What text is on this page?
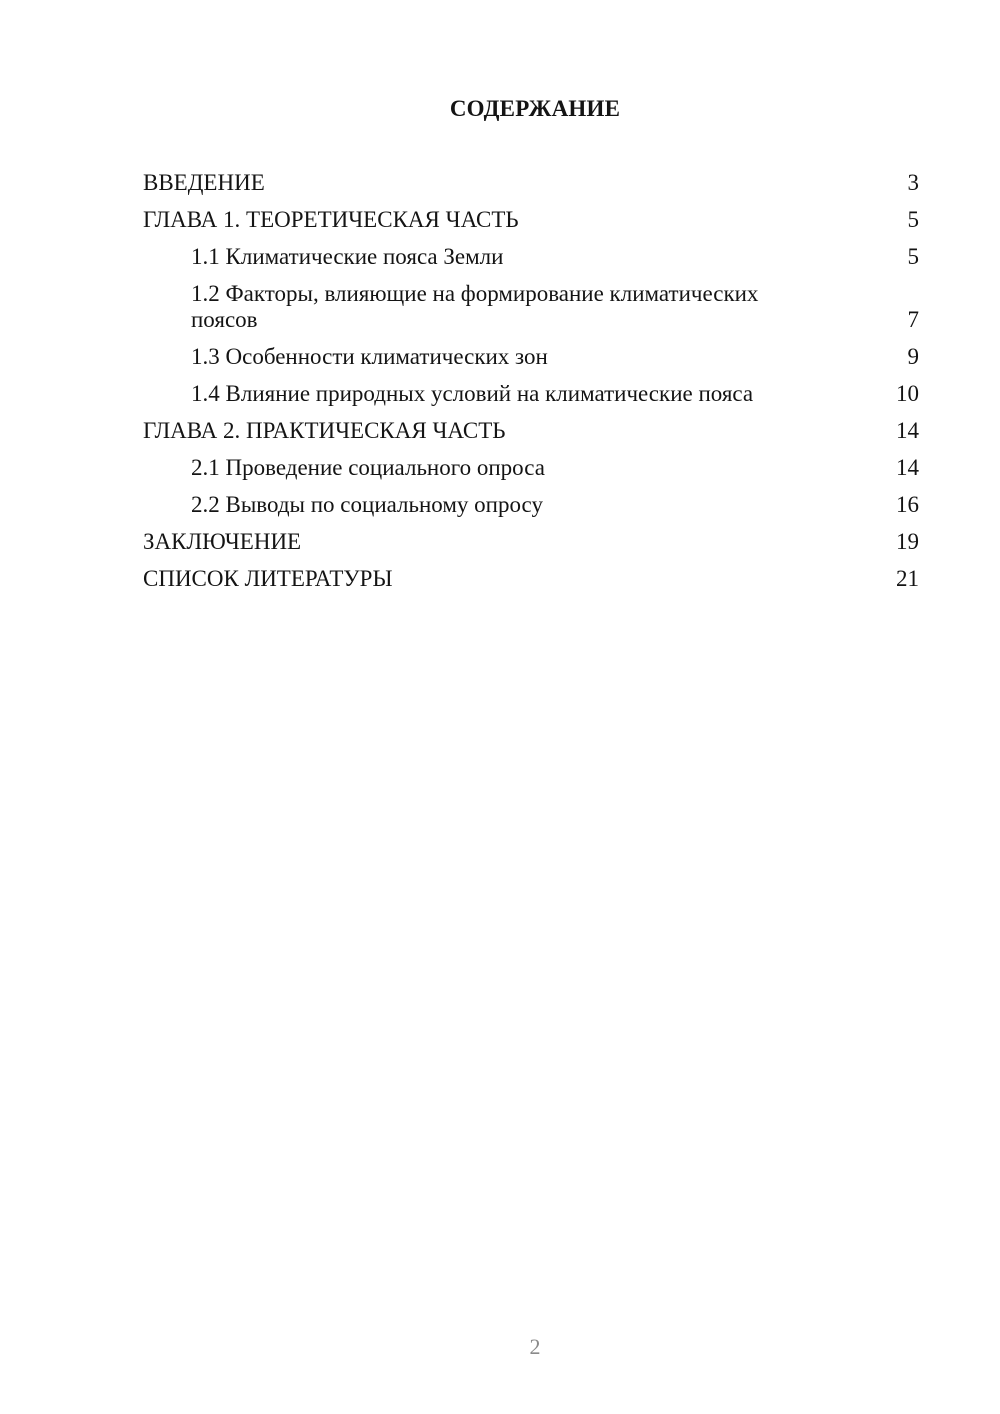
СОДЕРЖАНИЕ
ВВЕДЕНИЕ	3
ГЛАВА 1. ТЕОРЕТИЧЕСКАЯ ЧАСТЬ	5
1.1 Климатические пояса Земли	5
1.2 Факторы, влияющие на формирование климатических поясов	7
1.3 Особенности климатических зон	9
1.4 Влияние природных условий на климатические пояса	10
ГЛАВА 2. ПРАКТИЧЕСКАЯ ЧАСТЬ	14
2.1 Проведение социального опроса	14
2.2 Выводы по социальному опросу	16
ЗАКЛЮЧЕНИЕ	19
СПИСОК ЛИТЕРАТУРЫ	21
2
